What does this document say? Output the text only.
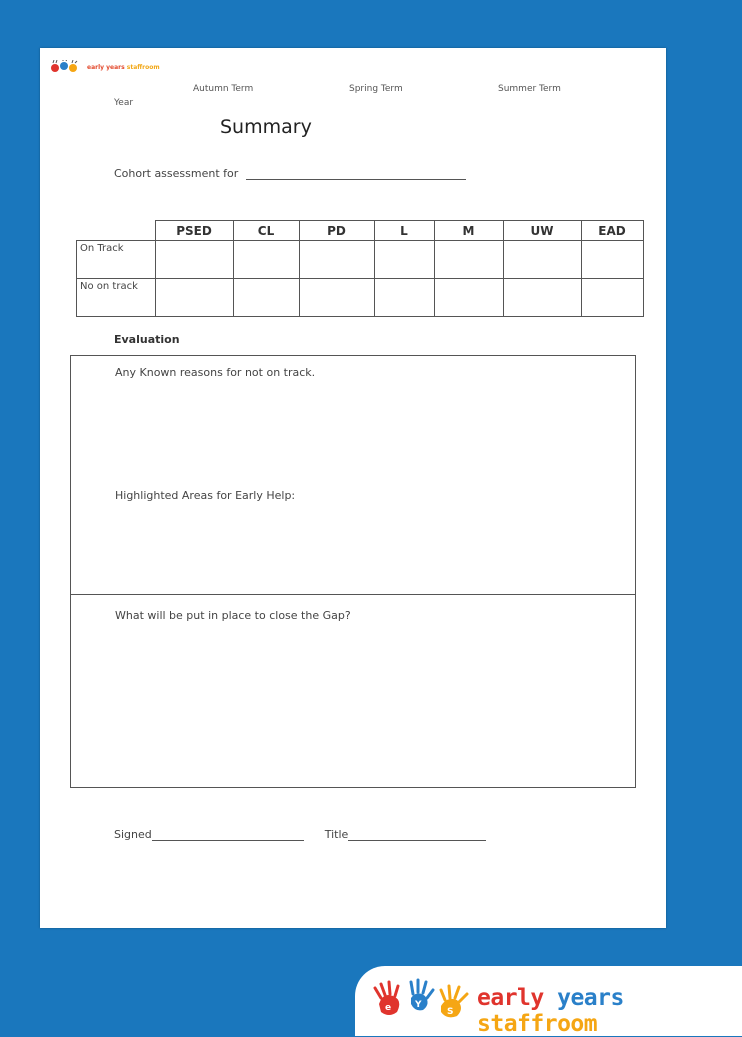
early years staffroom
Year
Autumn Term	Spring Term	Summer Term
Summary
Cohort assessment for
	PSED	CL	PD	L	M	UW	EAD
On Track							
No on track							
Evaluation
Any Known reasons for not on track.
Highlighted Areas for Early Help:
What will be put in place to close the Gap?
Signed	Title
e	Y
S
early years staffroom
